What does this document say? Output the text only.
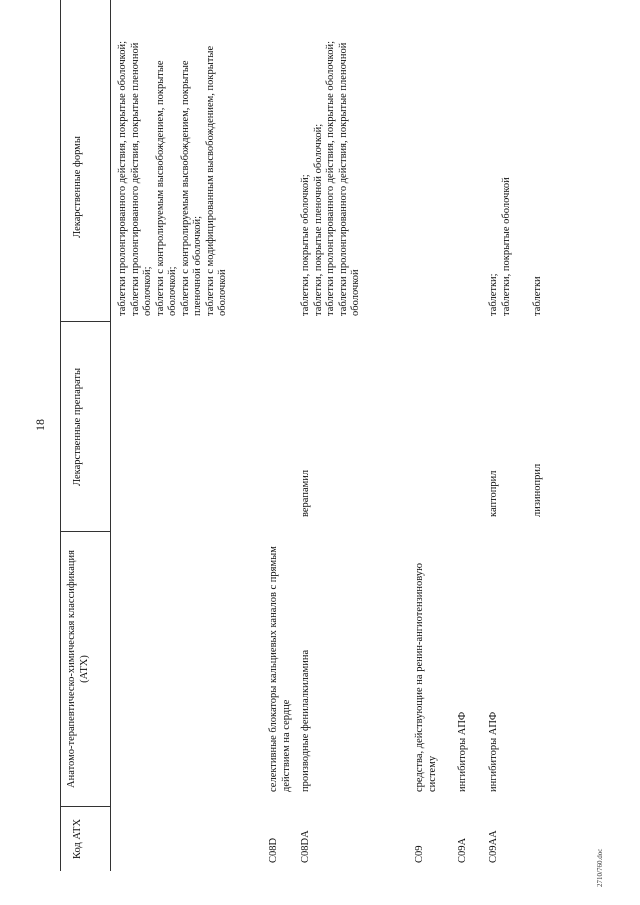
18
Код АТХ
Анатомо-терапевтическо-химическая классификация (АТХ)
Лекарственные препараты
Лекарственные формы	таблетки пролонгированного действия, покрытые оболочкой; таблетки пролонгированного действия, покрытые пленочной оболочкой; таблетки с контролируемым высвобождением, покрытые оболочкой; таблетки с контролируемым высвобождением, покрытые пленочной оболочкой; таблетки с модифицированным высвобождением, покрытые оболочкой
C08D
селективные блокаторы кальциевых каналов с прямым действием на сердце
C08DA
производные фенилалкиламина
верапамил
таблетки, покрытые оболочкой; таблетки, покрытые пленочной оболочкой; таблетки пролонгированного действия, покрытые оболочкой; таблетки пролонгированного действия, покрытые пленочной оболочкой
C09
средства, действующие на ренин-ангиотензиновую систему
C09A
ингибиторы АПФ
C09AA
ингибиторы АПФ
каптоприл
таблетки; таблетки, покрытые оболочкой
лизиноприл
таблетки
2710/760.doc
